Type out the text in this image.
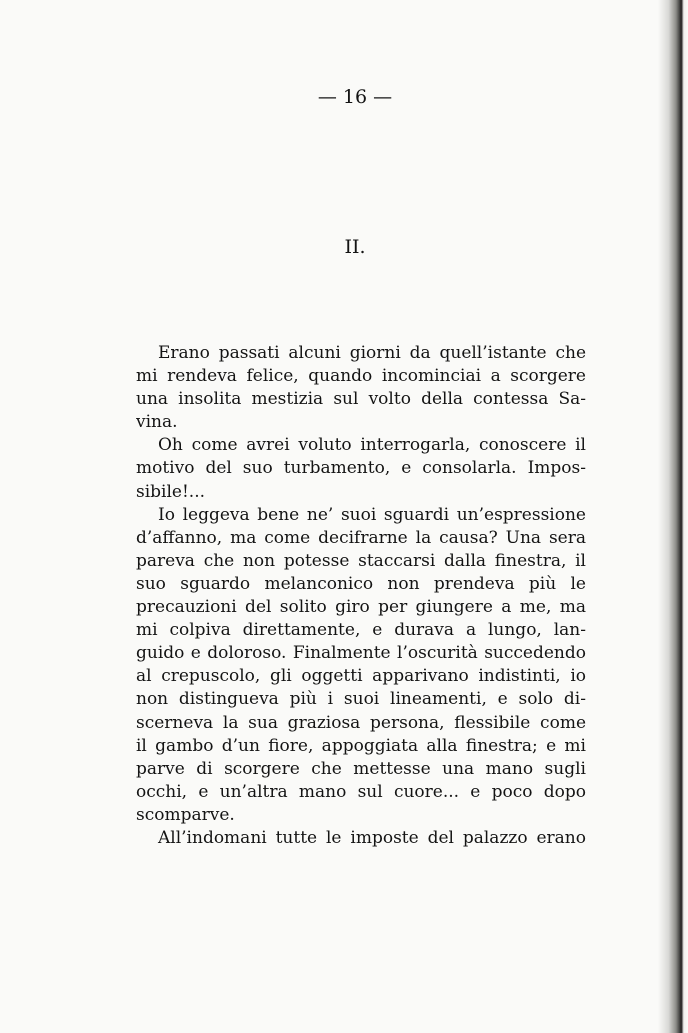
— 16 —
II.

Erano passati alcuni giorni da quell’istante che
mi rendeva felice, quando incominciai a scorgere
una insolita mestizia sul volto della contessa Sa-
vina.

Oh come avrei voluto interrogarla, conoscere il
motivo del suo turbamento, e consolarla. Impos-
sibile!...

Io leggeva bene ne’ suoi sguardi un’espressione
d’affanno, ma come decifrarne la causa? Una sera
pareva che non potesse staccarsi dalla finestra, il
suo sguardo melanconico non prendeva più le
precauzioni del solito giro per giungere a me, ma
mi colpiva direttamente, e durava a lungo, lan-
guido e doloroso. Finalmente l’oscurità succedendo
al crepuscolo, gli oggetti apparivano indistinti, io
non distingueva più i suoi lineamenti, e solo di-
scerneva la sua graziosa persona, flessibile come
il gambo d’un fiore, appoggiata alla finestra; e mi
parve di scorgere che mettesse una mano sugli
occhi, e un’altra mano sul cuore... e poco dopo
scomparve.

All’indomani tutte le imposte del palazzo erano
